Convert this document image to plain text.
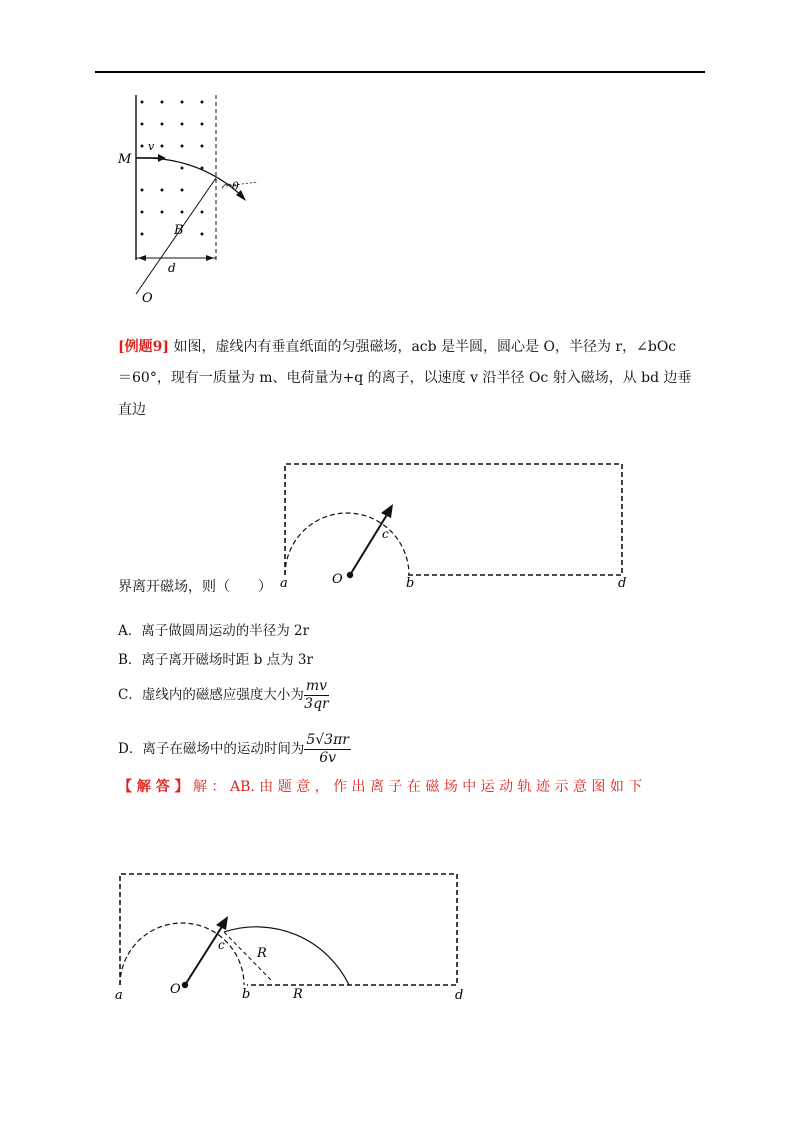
M
v
θ
B
d
O
[例题9] 如图，虚线内有垂直纸面的匀强磁场，acb 是半圆，圆心是 O，半径为 r，∠bOc
＝60°，现有一质量为 m、电荷量为+q 的离子，以速度 v 沿半径 Oc 射入磁场，从 bd 边垂直边
a	O	b
c
d
界离开磁场，则（　　）
A．离子做圆周运动的半径为 2r
B．离子离开磁场时距 b 点为 3r
C．虚线内的磁感应强度大小为 $\frac{mv}{3qr}$
D．离子在磁场中的运动时间为 $\frac{5√3\pi r}{6v}$
【 解 答 】 解 ： AB. 由 题 意 ， 作 出 离 子 在 磁 场 中 运 动 轨 迹 示 意 图 如 下
a	O	b
c
R
R	d
